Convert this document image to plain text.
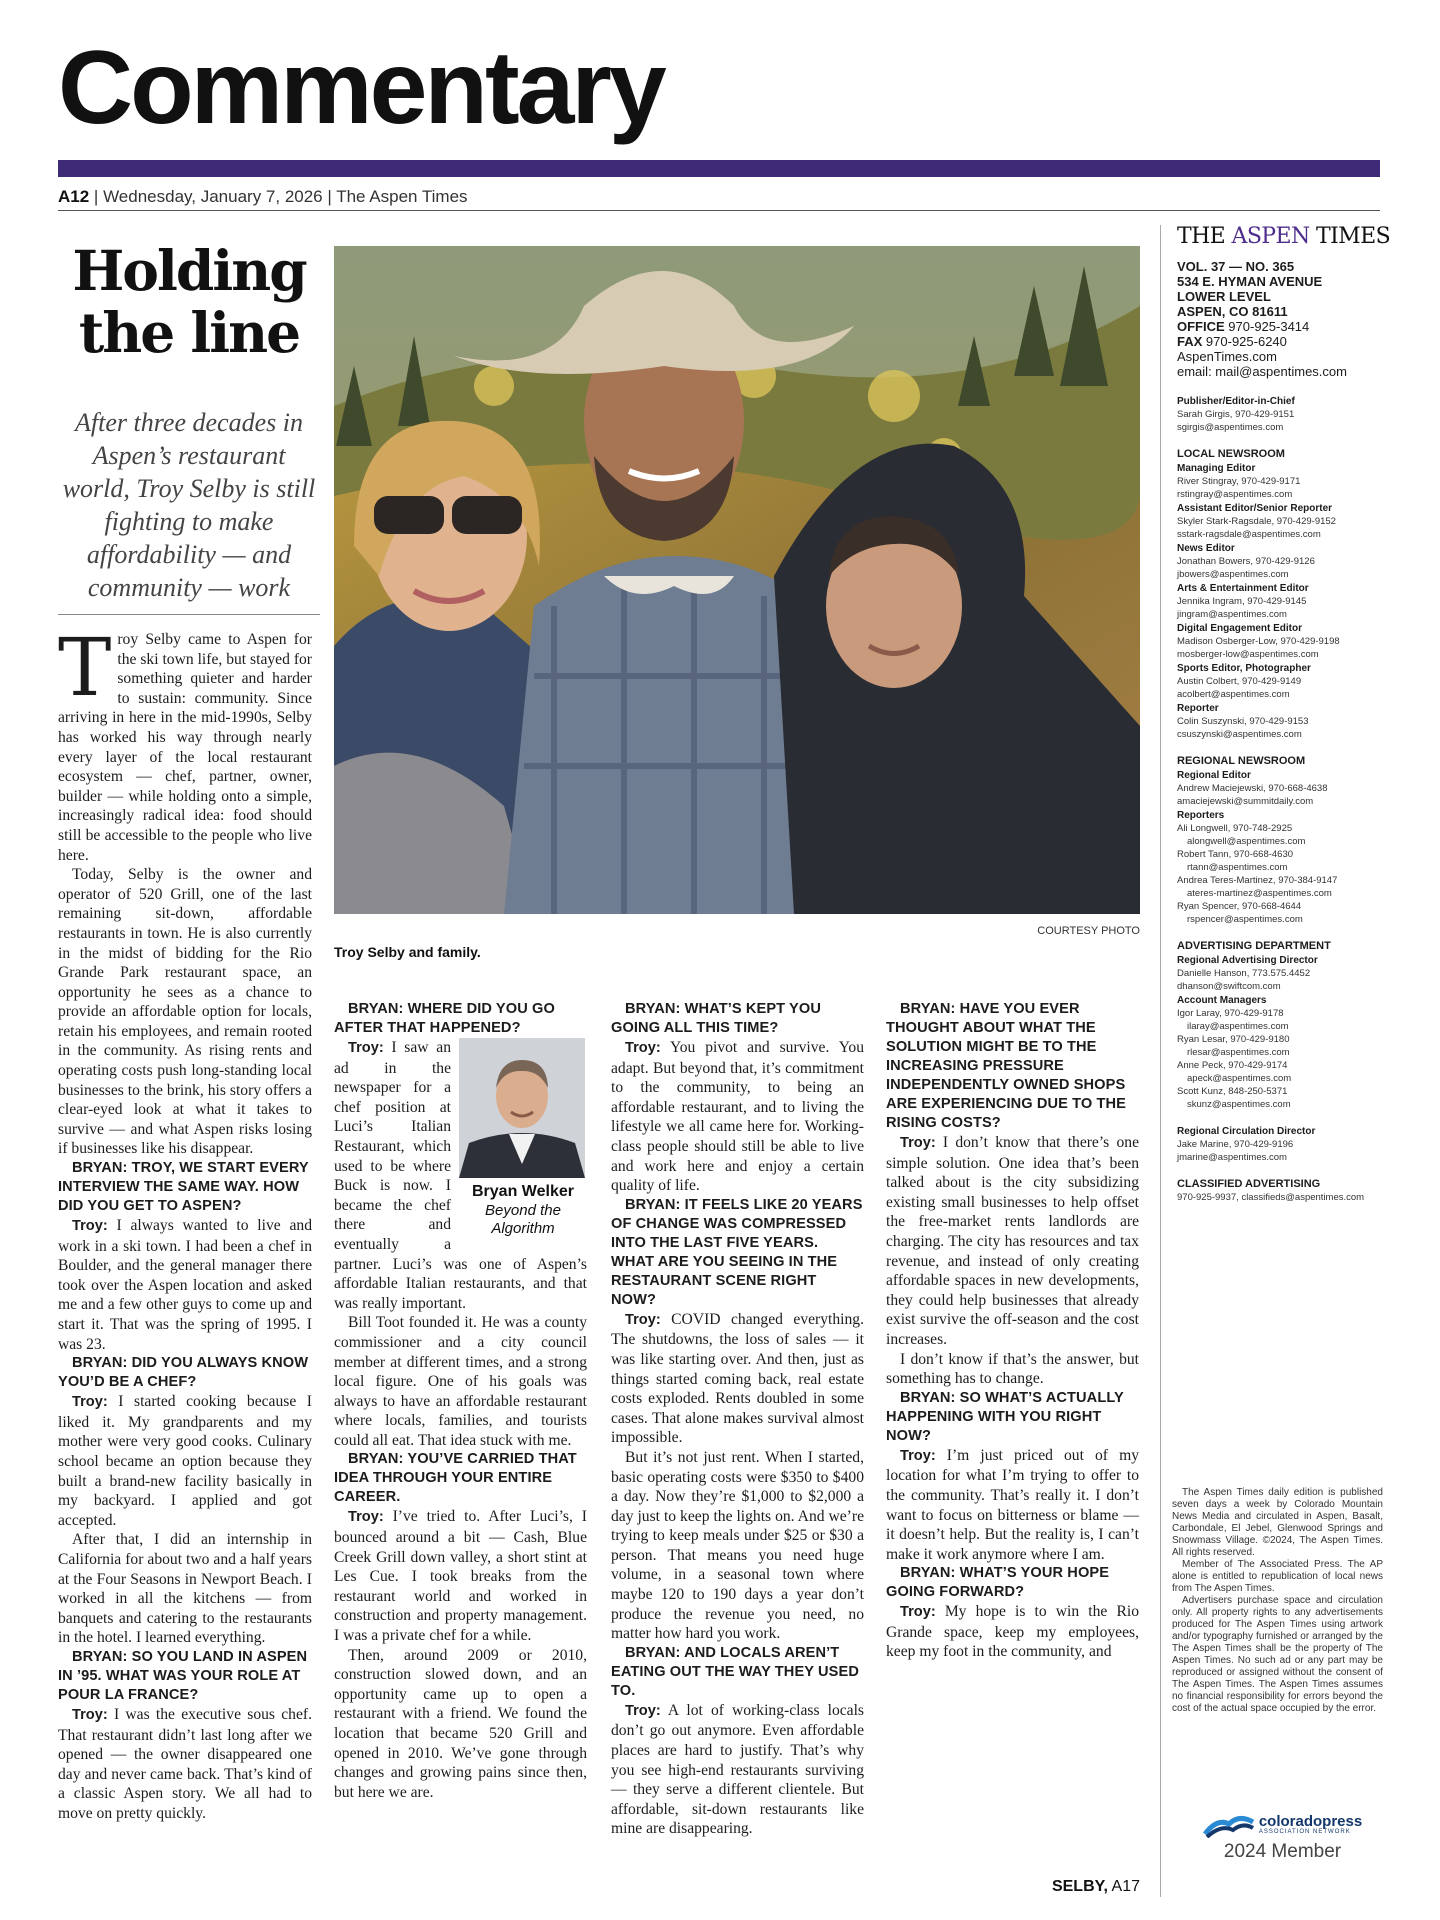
Commentary
A12 | Wednesday, January 7, 2026 | The Aspen Times
Holding
the line
After three decades in Aspen’s restaurant world, Troy Selby is still fighting to make affordability — and community — work
COURTESY PHOTO
Troy Selby and family.

Troy Selby came to Aspen for the ski town life, but stayed for something quieter and harder to sustain: community. Since arriving in here in the mid-1990s, Selby has worked his way through nearly every layer of the local restaurant ecosystem — chef, partner, owner, builder — while holding onto a simple, increasingly radical idea: food should still be accessible to the people who live here.

Today, Selby is the owner and operator of 520 Grill, one of the last remaining sit-down, affordable restaurants in town. He is also currently in the midst of bidding for the Rio Grande Park restaurant space, an opportunity he sees as a chance to provide an affordable option for locals, retain his employees, and remain rooted in the community. As rising rents and operating costs push long-standing local businesses to the brink, his story offers a clear-eyed look at what it takes to survive — and what Aspen risks losing if businesses like his disappear.

BRYAN: TROY, WE START EVERY INTERVIEW THE SAME WAY. HOW DID YOU GET TO ASPEN?

Troy: I always wanted to live and work in a ski town. I had been a chef in Boulder, and the general manager there took over the Aspen location and asked me and a few other guys to come up and start it. That was the spring of 1995. I was 23.

BRYAN: DID YOU ALWAYS KNOW YOU’D BE A CHEF?

Troy: I started cooking because I liked it. My grandparents and my mother were very good cooks. Culinary school became an option because they built a brand-new facility basically in my backyard. I applied and got accepted.

After that, I did an internship in California for about two and a half years at the Four Seasons in Newport Beach. I worked in all the kitchens — from banquets and catering to the restaurants in the hotel. I learned everything.

BRYAN: SO YOU LAND IN ASPEN IN ’95. WHAT WAS YOUR ROLE AT POUR LA FRANCE?

Troy: I was the executive sous chef. That restaurant didn’t last long after we opened — the owner disappeared one day and never came back. That’s kind of a classic Aspen story. We all had to move on pretty quickly.

BRYAN: WHERE DID YOU GO AFTER THAT HAPPENED?

Bryan Welker
Beyond the Algorithm

Troy: I saw an ad in the newspaper for a chef position at Luci’s Italian Restaurant, which used to be where Buck is now. I became the chef there and eventually a partner. Luci’s was one of Aspen’s affordable Italian restaurants, and that was really important.

Bill Toot founded it. He was a county commissioner and a city council member at different times, and a strong local figure. One of his goals was always to have an affordable restaurant where locals, families, and tourists could all eat. That idea stuck with me.

BRYAN: YOU’VE CARRIED THAT IDEA THROUGH YOUR ENTIRE CAREER.

Troy: I’ve tried to. After Luci’s, I bounced around a bit — Cash, Blue Creek Grill down valley, a short stint at Les Cue. I took breaks from the restaurant world and worked in construction and property management. I was a private chef for a while.

Then, around 2009 or 2010, construction slowed down, and an opportunity came up to open a restaurant with a friend. We found the location that became 520 Grill and opened in 2010. We’ve gone through changes and growing pains since then, but here we are.

BRYAN: WHAT’S KEPT YOU GOING ALL THIS TIME?

Troy: You pivot and survive. You adapt. But beyond that, it’s commitment to the community, to being an affordable restaurant, and to living the lifestyle we all came here for. Working-class people should still be able to live and work here and enjoy a certain quality of life.

BRYAN: IT FEELS LIKE 20 YEARS OF CHANGE WAS COMPRESSED INTO THE LAST FIVE YEARS. WHAT ARE YOU SEEING IN THE RESTAURANT SCENE RIGHT NOW?

Troy: COVID changed everything. The shutdowns, the loss of sales — it was like starting over. And then, just as things started coming back, real estate costs exploded. Rents doubled in some cases. That alone makes survival almost impossible.

But it’s not just rent. When I started, basic operating costs were $350 to $400 a day. Now they’re $1,000 to $2,000 a day just to keep the lights on. And we’re trying to keep meals under $25 or $30 a person. That means you need huge volume, in a seasonal town where maybe 120 to 190 days a year don’t produce the revenue you need, no matter how hard you work.

BRYAN: AND LOCALS AREN’T EATING OUT THE WAY THEY USED TO.

Troy: A lot of working-class locals don’t go out anymore. Even affordable places are hard to justify. That’s why you see high-end restaurants surviving — they serve a different clientele. But affordable, sit-down restaurants like mine are disappearing.

BRYAN: HAVE YOU EVER THOUGHT ABOUT WHAT THE SOLUTION MIGHT BE TO THE INCREASING PRESSURE INDEPENDENTLY OWNED SHOPS ARE EXPERIENCING DUE TO THE RISING COSTS?

Troy: I don’t know that there’s one simple solution. One idea that’s been talked about is the city subsidizing existing small businesses to help offset the free-market rents landlords are charging. The city has resources and tax revenue, and instead of only creating affordable spaces in new developments, they could help businesses that already exist survive the off-season and the cost increases.

I don’t know if that’s the answer, but something has to change.

BRYAN: SO WHAT’S ACTUALLY HAPPENING WITH YOU RIGHT NOW?

Troy: I’m just priced out of my location for what I’m trying to offer to the community. That’s really it. I don’t want to focus on bitterness or blame — it doesn’t help. But the reality is, I can’t make it work anymore where I am.

BRYAN: WHAT’S YOUR HOPE GOING FORWARD?

Troy: My hope is to win the Rio Grande space, keep my employees, keep my foot in the community, and

SELBY, A17
THE ASPEN TIMES
VOL. 37 — NO. 365
534 E. HYMAN AVENUE
LOWER LEVEL
ASPEN, CO 81611
OFFICE 970-925-3414
FAX 970-925-6240
AspenTimes.com
email: mail@aspentimes.com
Publisher/Editor-in-Chief
Sarah Girgis, 970-429-9151
sgirgis@aspentimes.com
LOCAL NEWSROOM
Managing Editor
River Stingray, 970-429-9171
rstingray@aspentimes.com
Assistant Editor/Senior Reporter
Skyler Stark-Ragsdale, 970-429-9152
sstark-ragsdale@aspentimes.com
News Editor
Jonathan Bowers, 970-429-9126
jbowers@aspentimes.com
Arts & Entertainment Editor
Jennika Ingram, 970-429-9145
jingram@aspentimes.com
Digital Engagement Editor
Madison Osberger-Low, 970-429-9198
mosberger-low@aspentimes.com
Sports Editor, Photographer
Austin Colbert, 970-429-9149
acolbert@aspentimes.com
Reporter
Colin Suszynski, 970-429-9153
csuszynski@aspentimes.com
REGIONAL NEWSROOM
Regional Editor
Andrew Maciejewski, 970-668-4638
amaciejewski@summitdaily.com
Reporters
Ali Longwell, 970-748-2925
alongwell@aspentimes.com
Robert Tann, 970-668-4630
rtann@aspentimes.com
Andrea Teres-Martinez, 970-384-9147
ateres-martinez@aspentimes.com
Ryan Spencer, 970-668-4644
rspencer@aspentimes.com
ADVERTISING DEPARTMENT
Regional Advertising Director
Danielle Hanson, 773.575.4452
dhanson@swiftcom.com
Account Managers
Igor Laray, 970-429-9178
ilaray@aspentimes.com
Ryan Lesar, 970-429-9180
rlesar@aspentimes.com
Anne Peck, 970-429-9174
apeck@aspentimes.com
Scott Kunz, 848-250-5371
skunz@aspentimes.com
Regional Circulation Director
Jake Marine, 970-429-9196
jmarine@aspentimes.com
CLASSIFIED ADVERTISING
970-925-9937, classifieds@aspentimes.com

The Aspen Times daily edition is published seven days a week by Colorado Mountain News Media and circulated in Aspen, Basalt, Carbondale, El Jebel, Glenwood Springs and Snowmass Village. ©2024, The Aspen Times. All rights reserved.

Member of The Associated Press. The AP alone is entitled to republication of local news from The Aspen Times.

Advertisers purchase space and circulation only. All property rights to any advertisements produced for The Aspen Times using artwork and/or typography furnished or arranged by the The Aspen Times shall be the property of The Aspen Times. No such ad or any part may be reproduced or assigned without the consent of The Aspen Times. The Aspen Times assumes no financial responsibility for errors beyond the cost of the actual space occupied by the error.

coloradopress
ASSOCIATION NETWORK
2024 Member
